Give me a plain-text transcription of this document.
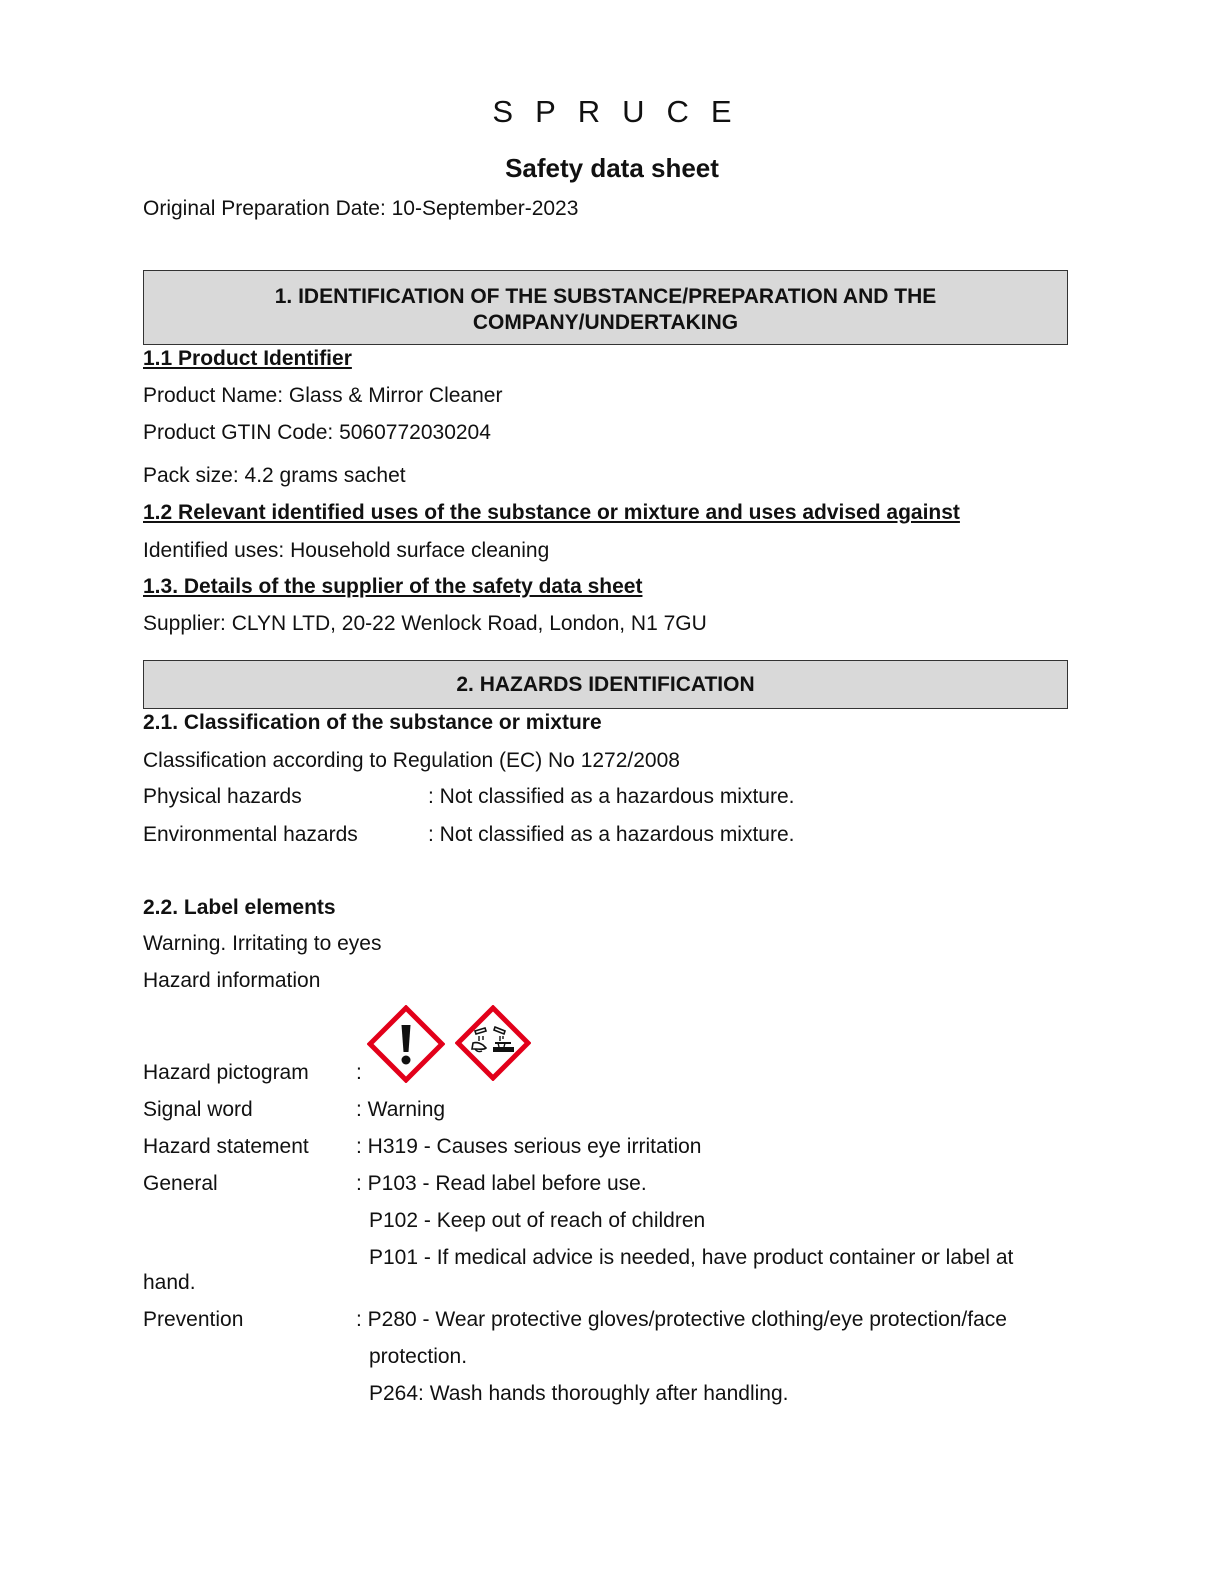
SPRUCE
Safety data sheet
Original Preparation Date: 10-September-2023
1. IDENTIFICATION OF THE SUBSTANCE/PREPARATION AND THE
COMPANY/UNDERTAKING
1.1 Product Identifier
Product Name: Glass & Mirror Cleaner
Product GTIN Code: 5060772030204
Pack size: 4.2 grams sachet
1.2 Relevant identified uses of the substance or mixture and uses advised against
Identified uses: Household surface cleaning
1.3. Details of the supplier of the safety data sheet
Supplier: CLYN LTD, 20-22 Wenlock Road, London, N1 7GU
2. HAZARDS IDENTIFICATION
2.1. Classification of the substance or mixture
Classification according to Regulation (EC) No 1272/2008
Physical hazards	: Not classified as a hazardous mixture.
Environmental hazards	: Not classified as a hazardous mixture.
2.2. Label elements
Warning. Irritating to eyes
Hazard information
Hazard pictogram :
Signal word	: Warning
Hazard statement : H319 - Causes serious eye irritation
General	: P103 - Read label before use.
P102 - Keep out of reach of children
P101 - If medical advice is needed, have product container or label at
hand.
Prevention	: P280 - Wear protective gloves/protective clothing/eye protection/face
protection.
P264: Wash hands thoroughly after handling.
